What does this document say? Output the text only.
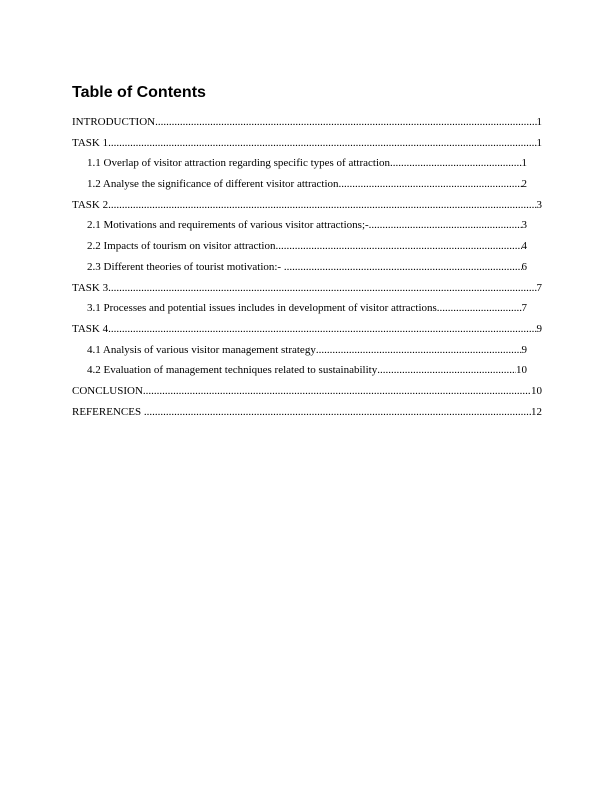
Table of Contents
INTRODUCTION .....	1
TASK 1 .....	1
1.1 Overlap of visitor attraction regarding specific types of attraction .....	1
1.2 Analyse the significance of different visitor attraction .....	2
TASK 2 .....	3
2.1 Motivations and requirements of various visitor attractions;- .....	3
2.2 Impacts of tourism on visitor attraction .....	4
2.3 Different theories of tourist motivation:- .....	6
TASK 3 .....	7
3.1 Processes and potential issues includes in development of visitor attractions .....	7
TASK 4 .....	9
4.1 Analysis of various visitor management strategy .....	9
4.2 Evaluation of management techniques related to sustainability .....	10
CONCLUSION .....	10
REFERENCES .....	12
